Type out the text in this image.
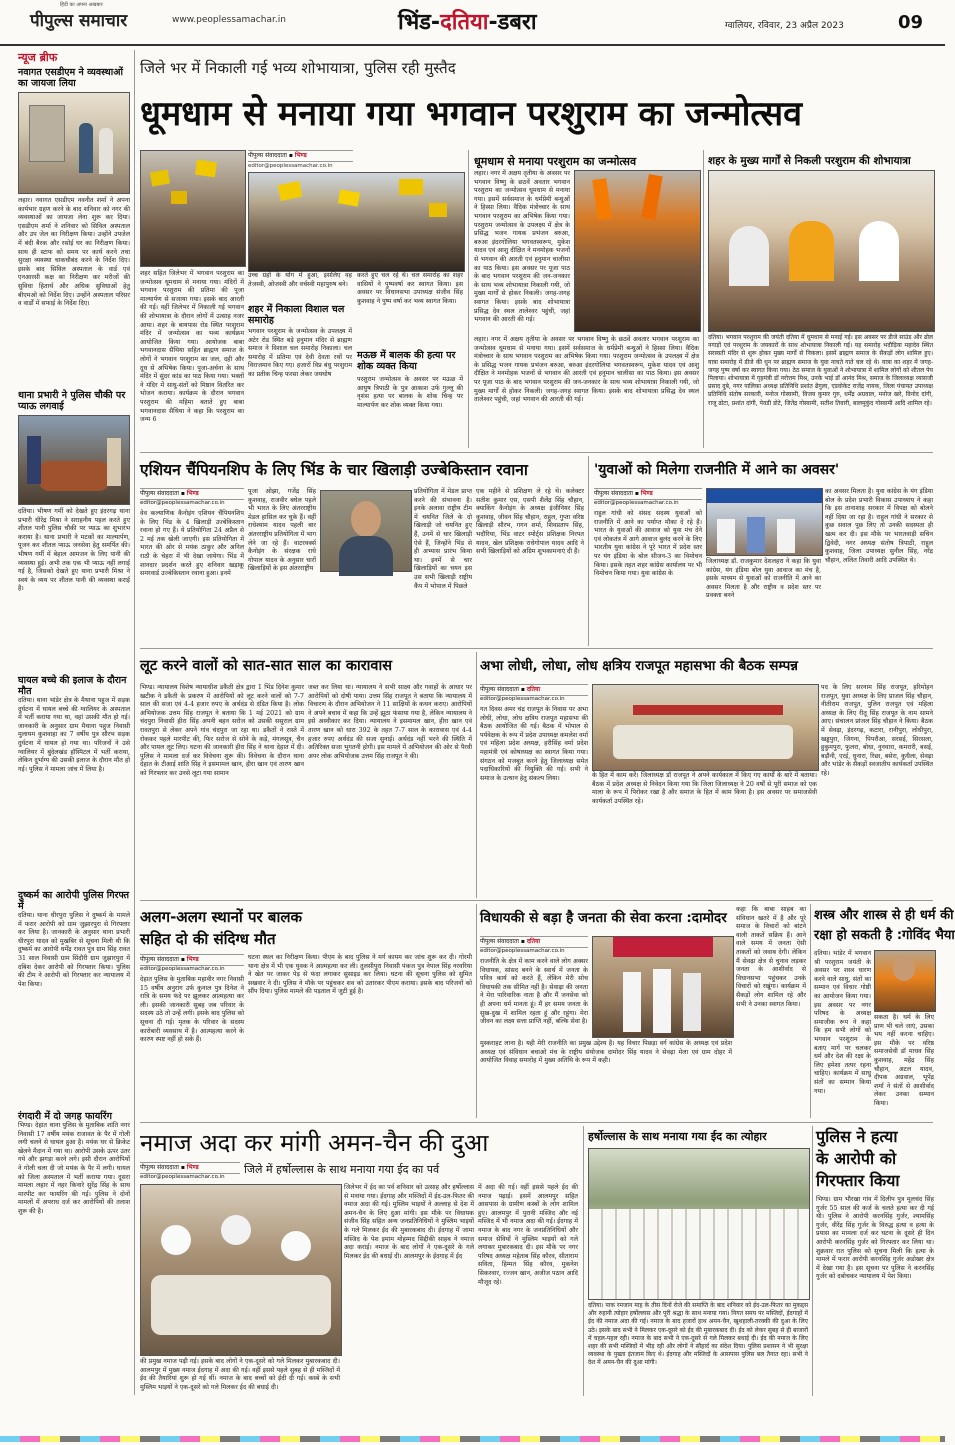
पीपुल्स समाचार
हिंदी का अपना अखबार
www.peoplessamachar.in	भिंड-दतिया-डबरा	ग्वालियर, रविवार, 23 अप्रैल 2023	09
न्यूज ब्रीफ
नवागत एसडीएम ने व्यवस्थाओं का जायजा लिया
लहार। नवागत एसडीएम नवनीत शर्मा ने अपना कार्यभार ग्रहण करने के बाद शनिवार को नगर की व्यवस्थाओं का जायजा लेना शुरू कर दिया। एसडीएम शर्मा ने शनिवार को सिविल अस्पताल और उप जेल का निरीक्षण किया। उन्होंने उपजेल में बंदी बैरक और रसोई घर का निरीक्षण किया। साथ ही स्टाफ को समय पर कार्य करने तथा सुरक्षा व्यवस्था चाकचौबंद करने के निर्देश दिए। इसके बाद सिविल अस्पताल के वार्ड एवं एनआरसी कक्ष का निरीक्षण कर मरीजों की सुविधा हितार्थ और अधिक सुविधाओं हेतु बीएमओ को निर्देश दिए। उन्होंने अस्पताल परिसर व वार्डों में सफाई के निर्देश दिए।
थाना प्रभारी ने पुलिस चौकी पर प्याऊ लगवाई
दतिया। भीषण गर्मी को देखते हुए इंदरगढ़ थाना प्रभारी धीरेंद्र मिश्रा ने सराहनीय पहल करते हुए शीतल पानी पुलिस चौकी पर प्याऊ का शुभारंभ कराया है। थाना प्रभारी ने मटकों का माल्यार्पण, पूजन कर शीतल प्याऊ जनसेवा हेतु समर्पित की। भीषण गर्मी में बेहाल आमजन के लिए पानी की व्यवस्था हुई। अभी तक एक भी प्याऊ नहीं लगाई गई है, जिसको देखते हुए थाना प्रभारी मिश्रा ने स्वयं के व्यय पर शीतल पानी की व्यवस्था कराई है।
घायल बच्चे की इलाज के दौरान मौत
दतिया। थाना भांडेर क्षेत्र के मैथाना पहुज में सड़क दुर्घटना में घायल बच्चे की ग्वालियर के अस्पताल में भर्ती कराया गया था, वहां उसकी मौत हो गई। जानकारी के अनुसार ग्राम मैथाना पहुज निवासी मुलायम कुशवाहा का 7 वर्षीय पुत्र सौरभ सड़क दुर्घटना में घायल हो गया था। परिजनों ने उसे ग्वालियर में बुंदेलखंड हॉस्पिटल में भर्ती कराया, लेकिन दुर्भाग्य की उसकी इलाज के दौरान मौत हो गई। पुलिस ने मामला जांच में लिया है।
दुष्कर्म का आरोपी पुलिस गिरफ्त में
दतिया। थाना धीरपुरा पुलिस ने दुष्कर्म के मामले में फरार आरोपी को ग्राम जुझारपुरा से गिरफ्तार कर लिया है। जानकारी के अनुसार थाना प्रभारी धीरपुरा यादव को मुखबिर से सूचना मिली थी कि दुष्कर्म का आरोपी धर्मेंद्र रावत पुत्र ग्राम सिंह रावत 31 साल निवासी ग्राम सिंदौरी ग्राम जुझारपुरा में दबिश देकर आरोपी को गिरफ्तार किया। पुलिस की टीम ने आरोपी को गिरफ्तार कर न्यायालय में पेश किया।
रंगदारी में दो जगह फायरिंग
भिण्ड। देहात थाना पुलिस के मुताबिक शांति नगर निवासी 17 वर्षीय मयंक राजावत के पैर में गोली लगी चलने से घायल हुआ है। मयंक घर से क्रिकेट खेलने मैदान में गया था। आरोपी उसके ऊपर उतर गये और झगड़ा करने लगे। इसी दौरान आरोपियों ने गोली चला दी जो मयंक के पैर में लगी। घायल को जिला अस्पताल में भर्ती कराया गया। दूसरा मामला लहार में नहर किनारे सुरेंद्र सिंह के साथ मारपीट कर फायरिंग की गई। पुलिस ने दोनों मामलों में अपराध दर्ज कर आरोपियों की तलाश शुरू की है।
जिले भर में निकाली गई भव्य शोभायात्रा, पुलिस रही मुस्तैद
धूमधाम से मनाया गया भगवान परशुराम का जन्मोत्सव
पीपुल्स संवाददाता ▪ भिण्ड
editor@peoplessamachar.co.in
शहर सहित जिलेभर में भगवान परशुराम का जन्मोत्सव धूमधाम से मनाया गया। मंदिरों में भगवान परशुराम की प्रतिमा की पूजा माल्यार्पण से सजाया गया। इसके बाद आरती की गई। वहीं जिलेभर में निकाली गई भगवान की शोभायात्रा के दौरान लोगों में उत्साह नजर आया। शहर के बायपास रोड स्थित परशुराम मंदिर में जन्मोत्सव का भव्य कार्यक्रम आयोजित किया गया। आयोजक बाबा भगवानदास सैथिया सहित ब्राह्मण समाज के लोगों ने भगवान परशुराम का जल, दही और दूध से अभिषेक किया। पूजा-अर्चना के साथ मंदिर में सुंदर कांड का पाठ किया गया। भक्तों ने मंदिर में साधु-संतों को मिष्ठान वितरित कर भोजन कराया। कार्यक्रम के दौरान भगवान परशुराम की महिमा बताते हुए बाबा भगवानदास सैथिया ने कहा कि परशुराम का जन्म 6
उच्च ग्रहों के योग में हुआ, इसलिए वह तेजस्वी, ओजस्वी और वर्चस्वी महापुरुष बने।
शहर में निकाला विशाल चल समारोह
भगवान परशुराम के जन्मोत्सव के उपलक्ष्य में अटेर रोड स्थित बड़े हनुमान मंदिर से ब्राह्मण समाज ने विशाल चल समारोह निकाला। चल समारोह में प्रतिमा एवं देवी देवता रथों पर विराजमान किए गए। हजारों विप्र बंधु परशुराम का प्रतीक चिन्ह फरसा लेकर जयघोष
करते हुए चल रहे थे। चल समारोह का शहर वासियों ने पुष्पवर्षा कर स्वागत किया। इस अवसर पर विधानसभा उपाध्यक्ष संजीव सिंह कुशवाह ने पुष्प वर्षा कर भव्य स्वागत किया।
मऊछ में बालक की हत्या पर शोक व्यक्त किया
परशुराम जन्मोत्सव के अवसर पर मऊछ में आयुष त्रिपाठी के पुत्र आकाश उर्फ गुल्लू की नृशंस हत्या पर बालक के शोक चिन्ह पर माल्यार्पण कर शोक व्यक्त किया गया।
धूमधाम से मनाया परशुराम का जन्मोत्सव
लहार। नगर में अक्षय तृतीया के अवसर पर भगवान विष्णु के छठवें अवतार भगवान परशुराम का जन्मोत्सव धूमधाम से मनाया गया। इसमें सर्वसमाज के धर्मप्रेमी बन्धुओं ने हिस्सा लिया। वैदिक मंत्रोच्चार के साथ भगवान परशुराम का अभिषेक किया गया। परशुराम जन्मोत्सव के उपलक्ष्य में क्षेत्र के प्रसिद्ध भजन गायक प्रभंजन बरुआ, बरुआ इंदरगोलिया भगवतस्वरूप, मुकेश यादव एवं आशु दीक्षित ने मनमोहक भजनों से भगवान की आरती एवं हनुमान चालीसा का पाठ किया। इस अवसर पर पूजा पाठ के बाद भगवान परशुराम की जन-जनकार के साथ भव्य शोभायात्रा निकाली गयी, जो मुख्य मार्गों से होकर निकली। जगह-जगह स्वागत किया। इसके बाद शोभायात्रा प्रसिद्ध देव स्थल तालेश्वर पहुंची, जहां भगवान की आरती की गई।
लहार। नगर में अक्षय तृतीया के अवसर पर भगवान विष्णु के छठवें अवतार भगवान परशुराम का जन्मोत्सव धूमधाम से मनाया गया। इसमें सर्वसमाज के धर्मप्रेमी बन्धुओं ने हिस्सा लिया। वैदिक मंत्रोच्चार के साथ भगवान परशुराम का अभिषेक किया गया। परशुराम जन्मोत्सव के उपलक्ष्य में क्षेत्र के प्रसिद्ध भजन गायक प्रभंजन बरुआ, बरुआ इंदरगोलिया भगवतस्वरूप, मुकेश यादव एवं आशु दीक्षित ने मनमोहक भजनों से भगवान की आरती एवं हनुमान चालीसा का पाठ किया। इस अवसर पर पूजा पाठ के बाद भगवान परशुराम की जन-जनकार के साथ भव्य शोभायात्रा निकाली गयी, जो मुख्य मार्गों से होकर निकली। जगह-जगह स्वागत किया। इसके बाद शोभायात्रा प्रसिद्ध देव स्थल तालेश्वर पहुंची, जहां भगवान की आरती की गई।
शहर के मुख्य मार्गों से निकली परशुराम की शोभायात्रा
दतिया। भगवान परशुराम की जयंती दतिया में धूमधाम से मनाई गई। इस अवसर पर डीजे साउंड और ढोल नगाड़ों एवं परशुराम के जयकारों के साथ शोभायात्रा निकाली गई। यह समारोह भदौड़िया महादेव स्थित सरस्वती मंदिर से शुरू होकर मुख्य मार्गों से निकला। इसमें ब्राह्मण समाज के सैकड़ों लोग शामिल हुए। यात्रा समारोह में डीजे की धुन पर ब्राह्मण समाज के युवा नाचते गाते चल रहे थे। यात्रा का शहर में जगह-जगह पुष्प वर्षा कर स्वागत किया गया। ठेठ समाज के युवाओं ने शोभायात्रा में शामिल लोगों को शीतल पेय पिलाया। शोभायात्रा में गृहमंत्री डॉ नरोत्तम मिश्र, उनके भाई डॉ आनंद मिश्र, समाज के जिलाध्यक्ष व्यासजी प्रसाद दुबे, नगर पालिका अध्यक्ष प्रतिनिधि प्रशांत ढेंगुला, एडवोकेट राजेंद्र नायक, जिला पंचायत उपाध्यक्ष प्रतिनिधि संतोष सरकारी, मनोज गोस्वामी, विजय कुमार गुरु, धर्मेंद्र अग्रवाल, मनोज खरे, विनोद दांगी, राजू ढोटा, प्रशांत दांगी, पेवडी डोटे, जितेंद्र गोस्वामी, सतीश तिवारी, बालमुकुंद गोस्वामी आदि शामिल रहे।
एशियन चैंपियनशिप के लिए भिंड के चार खिलाड़ी उज्बेकिस्तान रवाना
पीपुल्स संवाददाता ▪ भिण्ड
editor@peoplessamachar.co.in
वेव कल्याणिक कैनोइंग एशियन चैंपियनशिप के लिए भिंड के 4 खिलाड़ी उज्बेकिस्तान रवाना हो गए हैं। ये प्रतियोगिता 24 अप्रैल से 2 मई तक खेली जाएगी। इस प्रतियोगिता में भारत की ओर से मयंक ठाकुर और अनिल राठौ के चेहरा में भी देखा जायेगा। भिंड में शानदार प्रदर्शन करते हुए शनिवार खड़ाकू समरवार्ड उज्बेकिस्तान रवाना हुआ। इनमें
पूजा ओझा, गजेंद्र सिंह कुशवाह, राजवीर बघेल पहले भी भारत के लिए अंतरराष्ट्रीय मेडल हासिल कर चुके हैं। वहीं राधेश्याम यादव पहली बार अंतरराष्ट्रीय प्रतियोगिता में भाग लेने जा रहे हैं। वाटरवर्क्स कैनोइंग के संरक्षक राधे गोपाल यादव के अनुसार चारों खिलाड़ियों के इस अंतरराष्ट्रीय
प्रतियोगिता में मेडल प्राप्त करने की संभावना है। इनके अलावा राष्ट्रीय टीम में चयनित जिले के दो खिलाड़ी जो चयनित हुए हैं, उनमें से चार खिलाड़ी ऐसे हैं, जिन्होंने भिंड से ही अभ्यास प्रारंभ किया था। इनमें से चार खिलाड़ियों का चयन इस उस सभी खिलाड़ी राष्ट्रीय कैंप में भोपाल में पिछले
एक महीने से प्रशिक्षण ले रहे थे। कलेक्टर सतीश कुमार एस, एसपी शैलेंद्र सिंह चौहान, क्याकिंग कैनोइंग के अध्यक्ष इंजीनियर सिंह कुशवाह, जीवन सिंह चौहान, राहुल, गुप्ता वरिष्ठ खिलाड़ी सौरभ, गगन शर्मा, शिवप्रताप सिंह, भदौरिया, भिंड वाटर स्पोर्ट्स प्रशिक्षक निरपत यादव, खेल प्रशिक्षक राधेगोपाल यादव आदि ने सभी खिलाड़ियों को अग्रिम शुभकामनाएं दी हैं।
'युवाओं को मिलेगा राजनीति में आने का अवसर'
पीपुल्स संवाददाता ▪ भिण्ड
editor@peoplessamachar.co.in
राहुल गांधी को संसद सदस्य युवाओं को राजनीति में आने का पर्याप्त मौका दे रहे हैं। भारत के युवाओं की आवाज को युवा मंच देने एवं लोकतंत्र में आगे आवाज बुलंद करने के लिए भारतीय युवा कांग्रेस ने पूरे भारत में प्रदेश स्तर पर यंग इंडिया के बोल सीजन-3 का विमोचन किया। इसके तहत शहर कांग्रेस कार्यालय पर भी विमोचन किया गया। युवा कांग्रेस के
जिलाध्यक्ष डॉ. राजकुमार देशलहरा ने कहा कि युवा कांग्रेस, यंग इंडिया बोल युवा आवाज का मंच है, इसके माध्यम से युवाओं को राजनीति में आने का अवसर मिलता है और राष्ट्रीय व प्रदेश स्तर पर प्रवक्ता बनने
का अवसर मिलता है। युवा कांग्रेस के यंग इंडिया बोल के प्रदेश प्रभारी विकास उपाध्याय ने कहा कि इस तानाशाह सरकार में विपक्ष को बोलने नहीं दिया जा रहा है। राहुल गांधी ने सरकार से कुछ सवाल पूछ लिए तो उनकी सदस्यता ही खत्म कर दी। इस मौके पर भारतवाड़ी सचिन द्विवेदी, नगर अध्यक्ष संतोष त्रिपाठी, राहुल कुशवाह, जिला उपाध्यक्ष सुनील सिंह, नरेंद्र चौहान, ललित तिवारी आदि उपस्थित थे।
लूट करने वालों को सात-सात साल का कारावास
भिण्ड। न्यायालय विशेष न्यायाधीश डकैती क्षेत्र द्वारा 1 भिंड दिनेश कुमार खटीक ने डकैती के प्रकरण में आरोपियों को लूट करने वालों को 7-7 साल की सजा एवं 4-4 हजार रुपए के अर्थदंड से दंडित किया है। लोक अभियोजक उत्तम सिंह राजपूत ने बताया कि 1 मई 2021 को ग्राम चंदपुरा निवासी हीरा सिंह अपनी बहन सरोज को उसकी ससुराल ग्राम रावतपुरा से लेकर अपने गांव चंदपुरा जा रहा था। डकैतों ने रास्ते में रोककर पहले मारपीट की, फिर सरोज से सोने के कड़े, मंगलसूत्र, चैन और पायल लूट लिए। घटना की जानकारी हीरा सिंह ने थाना देहात में दी। पुलिस ने मामला दर्ज कर विवेचना शुरू की। विवेचना के दौरान थाना देहात के टीआई शांति सिंह ने इसमामल खान, हीरा खान एवं तारण खान को गिरफ्तार कर उनसे लूटा गया सामान
जब्त कर लिया था। न्यायालय ने सभी साक्ष्य और गवाहों के आधार पर आरोपियों को दोषी पाया। उत्तम सिंह राजपूत ने बताया कि न्यायालय में विचारण के दौरान अभियोजन ने 11 साक्षियों के कथन कराए। आरोपियों ने अपने बचाव में कहा कि उन्हें झूठा फंसाया गया है, लेकिन न्यायालय ने इसे अस्वीकार कर दिया। न्यायालय ने इसमामल खान, हीरा खान एवं तारण खान को धारा 392 के तहत 7-7 साल के कारावास एवं 4-4 हजार रुपए अर्थदंड की सजा सुनाई। अर्थदंड नहीं भरने की स्थिति में अतिरिक्त सजा भुगतनी होगी। इस मामले में अभियोजन की ओर से पैरवी अपर लोक अभियोजक उत्तम सिंह राजपूत ने की।
अभा लोधी, लोधा, लोध क्षत्रिय राजपूत महासभा की बैठक सम्पन्न
पीपुल्स संवाददाता ▪ दतिया
editor@peoplessamachar.co.in
गत दिवस अमर चंद्र राजपूत के निवास पर अभा लोधी, लोधा, लोध क्षत्रिय राजपूत महासभा की बैठक आयोजित की गई। बैठक में भोपाल से पर्यवेक्षक के रूप में प्रदेश उपाध्यक्ष कमलेश वर्मा एवं महिला प्रदेश अध्यक्ष, हरीसिंह वर्मा प्रदेश महामंत्री एवं कोषाध्यक्ष का स्वागत किया गया। संगठन को मजबूत करने हेतु जिलाध्यक्ष समेत पदाधिकारियों की नियुक्ति की गई। सभी ने समाज के उत्थान हेतु संकल्प लिया।	के हित में काम करें। जिलाध्यक्ष डॉ राजपूत ने अपने कार्यकाल में किए गए कार्यों के बारे में बताया। बैठक में प्रदेश अध्यक्ष से निवेदन किया गया कि जिला जिलाध्यक्ष ने 20 वर्षों से पूरी समाज को एक माला के रूप में पिरोकर रखा है और समाज के हित में काम किया है। इस अवसर पर समाजसेवी कार्यकर्ता उपस्थित रहे।
पद के लिए सरनाम सिंह राजपूत, हरिमोहन राजपूत, युवा अध्यक्ष के लिए प्राजल सिंह चौहान, नीतीराम राजपूत, पुलिन राजपूत एवं महिला अध्यक्ष के लिए रीतू सिंह राजपूत के नाम सामने आए। संचालन प्रांजल सिंह चौहान ने किया। बैठक में सेवढ़ा, इंदरगढ़, कटारा, रानीपुरा, लोधीपुरा, खड्डपुरा, जिगना, पिपरौआ, सरसई, सिरसला, हुकुमपुरा, फुलरा, बोधा, नुनवारा, कमरारी, बसई, बड़ौनी, एरई, धुनारा, रिछा, बसेरा, कुधैला, सेवढ़ा और भांडेर के सैकड़ों स्वजातीय कार्यकर्ता उपस्थित रहे।
अलग-अलग स्थानों पर बालक
सहित दो की संदिग्ध मौत
पीपुल्स संवाददाता ▪ भिण्ड
editor@peoplessamachar.co.in
देहात पुलिस के मुताबिक महावीर नगर निवासी 15 वर्षीय अनुराग उर्फ कुनाल पुत्र दिनेश ने रात्रि के समय फंदे पर झूलकर आत्महत्या कर ली। इसकी जानकारी सुबह जब परिवार के सदस्य उठे तो उन्हें लगी। इसके बाद पुलिस को सूचना दी गई। मृतक के परिवार के सदस्य कारोबारी व्यवसाय में है। आत्महत्या करने के कारण स्पष्ट नहीं हो सके हैं।
घटना स्थल का निरीक्षण किया। पीएम के बाद पुलिस ने मर्ग कायम कर जांच शुरू कर दी। गोरमी थाना क्षेत्र में भी एक युवक ने आत्महत्या कर ली। तुलसीपुरा निवासी पंकज पुत्र नेपाल सिंह नरवरिया ने खेत पर जाकर पेड़ से फंदा लगाकर सुसाइड कर लिया। घटना की सूचना पुलिस को सुमित सखवार ने दी। पुलिस ने मौके पर पहुंचकर शव को उतारकर पीएम कराया। इसके बाद परिजनों को सौंप दिया। पुलिस मामले की पड़ताल में जुटी हुई है।
विधायकी से बड़ा है जनता की सेवा करना :दामोदर
पीपुल्स संवाददाता ▪ दतिया
editor@peoplessamachar.co.in
राजनीति के क्षेत्र में काम करने वाले लोग अक्सर विधायक, सांसद बनने के स्वार्थ में जनता के पवित्र कार्य को करते हैं, लेकिन मेरी सोच विधायकी तक सीमित नहीं है। सेवाढ़ा की जनता ने मेरा पारिवारिक नाता है और मैं जनसेवा को ही अपना धर्म मानता हूं। मैं हर समय जनता के सुख-दुख में शामिल रहता हूं और रहूंगा। मेरा जीवन का लक्ष्य सत्ता प्राप्ति नहीं, बल्कि सेवा है।
मुस्कराहट लाना है। यही मेरी राजनीति का प्रमुख उद्देश्य है। यह विचार पिछड़ा वर्ग कांग्रेस के अध्यक्ष एवं प्रदेश अध्यक्ष एवं संविधान बचाओ मंच के राष्ट्रीय संयोजक दामोदर सिंह यादव ने सेवढ़ा मेला एवं ग्राम दोहर में आयोजित विवाह समारोह में मुख्य अतिथि के रूप में कही।
कहा कि बाबा साहब का संविधान खतरे में है और पूरे समाज के विचारों को बांटने वाली ताकतें सक्रिय हैं। आने वाले समय में जनता ऐसी ताकतों को जवाब देगी। लेकिन मैं सेवढ़ा क्षेत्र से चुनाव लड़कर जनता के आशीर्वाद से विधानसभा पहुंचकर उनके विचारों को रखूंगा। कार्यक्रम में सैकड़ों लोग शामिल रहे और सभी ने उनका स्वागत किया।
शस्त्र और शास्त्र से ही धर्म की
रक्षा हो सकती है :गोविंद भैया
दतिया। भांडेर में भगवान श्री परशुराम जयंती के अवसर पर शस्त्र धारण करने वाले साधु, संतों का सम्मान एवं विचार गोष्ठी का आयोजन किया गया। इस अवसर पर नगर परिषद के अध्यक्ष समाजीक रूप ने कहा कि हम सभी लोगों को भगवान परशुराम के बताए मार्ग पर चलकर धर्म और देश की रक्षा के लिए हमेशा तत्पर रहना चाहिए। कार्यक्रम में साधु संतों का सम्मान किया गया।
सकता है। धर्म के लिए प्राण भी चले जाएं, उसका भय नहीं करना चाहिए। इस मौके पर वरिष्ठ समाजसेवी डॉ माधव सिंह कुशवाह, महेंद्र सिंह चौहान, अटल यादव, दीपक अग्रवाल, भूपेंद्र शर्मा ने संतों से आशीर्वाद लेकर उनका सम्मान किया।
नमाज अदा कर मांगी अमन-चैन की दुआ
जिले में हर्षोल्लास के साथ मनाया गया ईद का पर्व
पीपुल्स संवाददाता ▪ भिण्ड
editor@peoplessamachar.co.in
जिलेभर में ईद का पर्व शनिवार को उत्साह और हर्षोल्लास से मनाया गया। ईदगाह और मस्जिदों में ईद-उल-फितर की नमाज अदा की गई। मुस्लिम भाइयों ने अल्लाह से देश में अमन-चैन के लिए दुआ मांगी। इस मौके पर विधायक संजीव सिंह सहित अन्य जनप्रतिनिधियों ने मुस्लिम भाइयों के गले मिलकर ईद की मुबारकबाद दी। ईदगाह में जामा मस्जिद के पेश इमाम मोहम्मद सिद्दीकी साहब ने नमाज अदा कराई। नमाज के बाद लोगों ने एक-दूसरे के गले मिलकर ईद की बधाई दी। आलमपुर के ईदगाह में ईद
की प्रमुख नमाज पढ़ी गई। इसके बाद लोगों ने एक-दूसरे को गले मिलकर मुबारकबाद दी। आलमपुर में मुख्य नमाज ईदगाह में अदा की गई। वहीं इससे पहले सुबह से ही मस्जिदों में ईद की तैयारियां शुरू हो गई थीं। नमाज के बाद बच्चों को ईदी दी गई। कस्बे के सभी मुस्लिम भाइयों ने एक-दूसरे को गले मिलकर ईद की बधाई दी।
में अदा की गई। वहीं इससे पहले ईद की नमाज पढ़ाई। इसमें आलमपुर सहित आसपास के ग्रामीण कस्बों के लोग शामिल हुए। आलमपुर में पुरानी मस्जिद और नई मस्जिद में भी नमाज अदा की गई। ईदगाह में नमाज के बाद नगर के जनप्रतिनिधियों और समाज सेवियों ने मुस्लिम भाइयों को गले लगाकर मुबारकबाद दी। इस मौके पर नगर परिषद अध्यक्ष महेताब सिंह कौरव, सीताराम सविता, हिम्मत सिंह कौरव, मुकनेश सिकरवार, रज्जन खान, अजीज पठान आदि मौजूद रहे।
हर्षोल्लास के साथ मनाया गया ईद का त्योहार
दतिया। पाक रमजान माह के तीस दिनों रोजे की समाप्ति के बाद शनिवार को ईद-उल-फितर का मुकद्दस और रुहानी त्योहार हर्षोल्लास और पूरी श्रद्धा के साथ मनाया गया। निगत समय पर मस्जिदों, ईदगाहों में ईद की नमाज अदा की गई। नमाज के बाद हजारों हाथ अमन-चैन, खुशहाली-तरक्की की दुआ के लिए उठे। इसके बाद सभी ने मिलकर एक-दूसरे को ईद की मुबारकबाद दी। ईद को लेकर सुबह से ही बाजारों में चहल-पहल रही। नमाज के बाद सभी ने एक-दूसरे से गले मिलकर बधाई दी। ईद की नमाज के लिए शहर की सभी मस्जिदों में भीड़ रही और लोगों ने सौहार्द का संदेश दिया। पुलिस प्रशासन ने भी सुरक्षा व्यवस्था के पुख्ता इंतजाम किए थे। ईदगाह और मस्जिदों के आसपास पुलिस बल तैनात रहा। सभी ने देश में अमन-चैन की दुआ मांगी।
पुलिस ने हत्या
के आरोपी को
गिरफ्तार किया
भिण्ड। ग्राम भौरखा गांव में दिलीप पुत्र मूलचंद सिंह गुर्जर 55 साल की कर्ज के चलते हत्या कर दी गई थी। पुलिस ने आरोपी करनसिंह गुर्जर, श्यामसिंह गुर्जर, वीरेंद्र सिंह गुर्जर के विरुद्ध हत्या व हत्या के प्रयास का मामला दर्ज कर घटना के दूसरे ही दिन आरोपी करनसिंह गुर्जर को गिरफ्तार कर लिया था। शुक्रवार रात पुलिस को सूचना मिली कि हत्या के मामले में फरार आरोपी करनसिंह गुर्जर अडोखर क्षेत्र में देखा गया है। इस सूचना पर पुलिस ने करनसिंह गुर्जर को दबोचकर न्यायालय में पेश किया।
